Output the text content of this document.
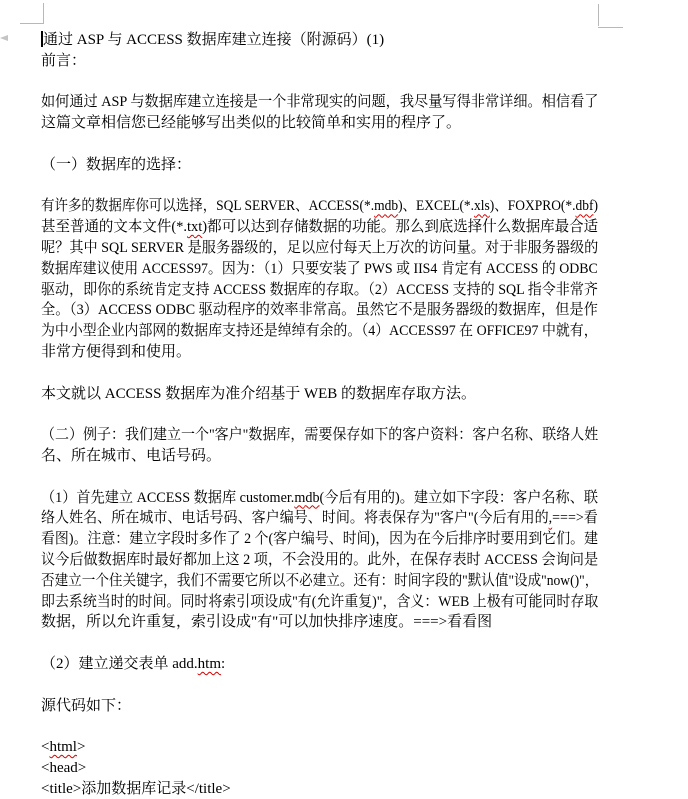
通过 ASP 与 ACCESS 数据库建立连接（附源码）(1)
前言：
如何通过 ASP 与数据库建立连接是一个非常现实的问题，我尽量写得非常详细。相信看了
这篇文章相信您已经能够写出类似的比较简单和实用的程序了。
（一）数据库的选择：
有许多的数据库你可以选择，SQL SERVER、ACCESS(*.mdb)、EXCEL(*.xls)、FOXPRO(*.dbf)
甚至普通的文本文件(*.txt)都可以达到存储数据的功能。那么到底选择什么数据库最合适
呢？其中 SQL SERVER 是服务器级的，足以应付每天上万次的访问量。对于非服务器级的
数据库建议使用 ACCESS97。因为：（1）只要安装了 PWS 或 IIS4 肯定有 ACCESS 的 ODBC
驱动，即你的系统肯定支持 ACCESS 数据库的存取。（2）ACCESS 支持的 SQL 指令非常齐
全。（3）ACCESS ODBC 驱动程序的效率非常高。虽然它不是服务器级的数据库，但是作
为中小型企业内部网的数据库支持还是绰绰有余的。（4）ACCESS97 在 OFFICE97 中就有，
非常方便得到和使用。
本文就以 ACCESS 数据库为准介绍基于 WEB 的数据库存取方法。
（二）例子：我们建立一个"客户"数据库，需要保存如下的客户资料：客户名称、联络人姓
名、所在城市、电话号码。
（1）首先建立 ACCESS 数据库 customer.mdb(今后有用的)。建立如下字段：客户名称、联
络人姓名、所在城市、电话号码、客户编号、时间。将表保存为"客户"(今后有用的,===>看
看图)。注意：建立字段时多作了 2 个(客户编号、时间)，因为在今后排序时要用到它们。建
议今后做数据库时最好都加上这 2 项，不会没用的。此外，在保存表时 ACCESS 会询问是
否建立一个住关键字，我们不需要它所以不必建立。还有：时间字段的"默认值"设成"now()"，
即去系统当时的时间。同时将索引项设成"有(允许重复)"，含义：WEB 上极有可能同时存取
数据，所以允许重复，索引设成"有"可以加快排序速度。===>看看图
（2）建立递交表单 add.htm:
源代码如下：
<html>
<head>
<title>添加数据库记录</title>
